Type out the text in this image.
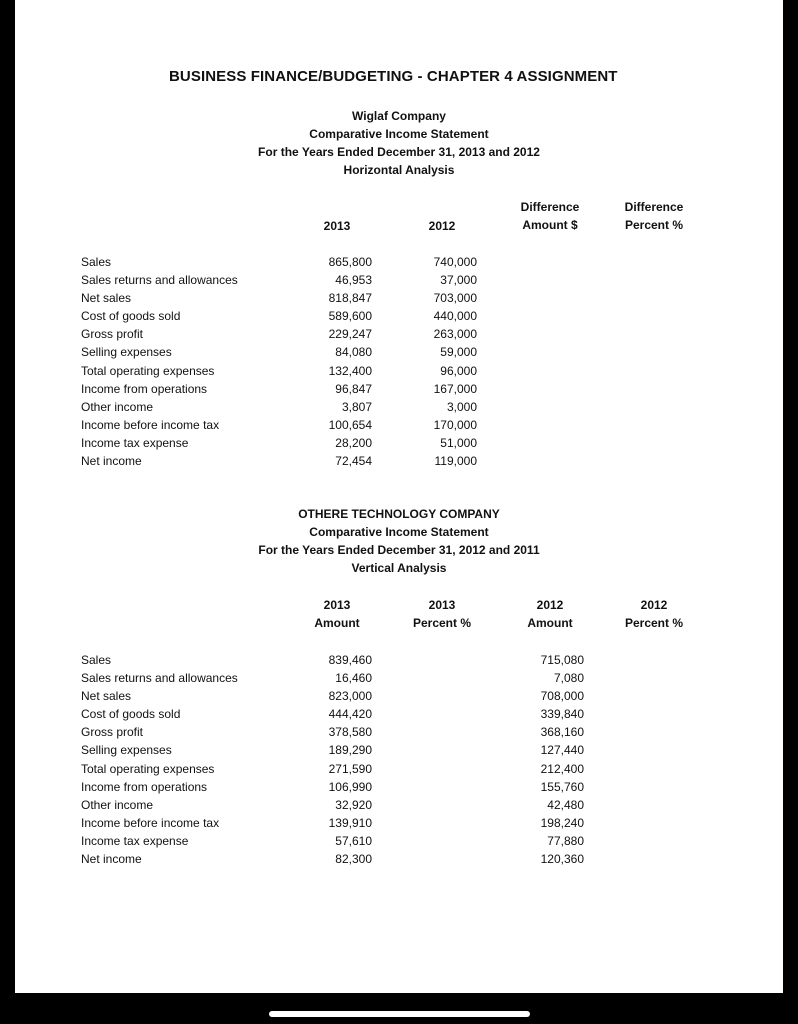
BUSINESS FINANCE/BUDGETING - CHAPTER 4 ASSIGNMENT
Wiglaf Company
Comparative Income Statement
For the Years Ended December 31, 2013 and 2012
Horizontal Analysis
2013	2012
Difference
Amount $
Difference
Percent %
Sales
Sales returns and allowances
Net sales
Cost of goods sold
Gross profit
Selling expenses
Total operating expenses
Income from operations
Other income
Income before income tax
Income tax expense
Net income
865,800
46,953
818,847
589,600
229,247
84,080
132,400
96,847
3,807
100,654
28,200
72,454
740,000
37,000
703,000
440,000
263,000
59,000
96,000
167,000
3,000
170,000
51,000
119,000
OTHERE TECHNOLOGY COMPANY
Comparative Income Statement
For the Years Ended December 31, 2012 and 2011
Vertical Analysis
2013
Amount
2013
Percent %
2012
Amount
2012
Percent %
Sales
Sales returns and allowances
Net sales
Cost of goods sold
Gross profit
Selling expenses
Total operating expenses
Income from operations
Other income
Income before income tax
Income tax expense
Net income
839,460
16,460
823,000
444,420
378,580
189,290
271,590
106,990
32,920
139,910
57,610
82,300
715,080
7,080
708,000
339,840
368,160
127,440
212,400
155,760
42,480
198,240
77,880
120,360
